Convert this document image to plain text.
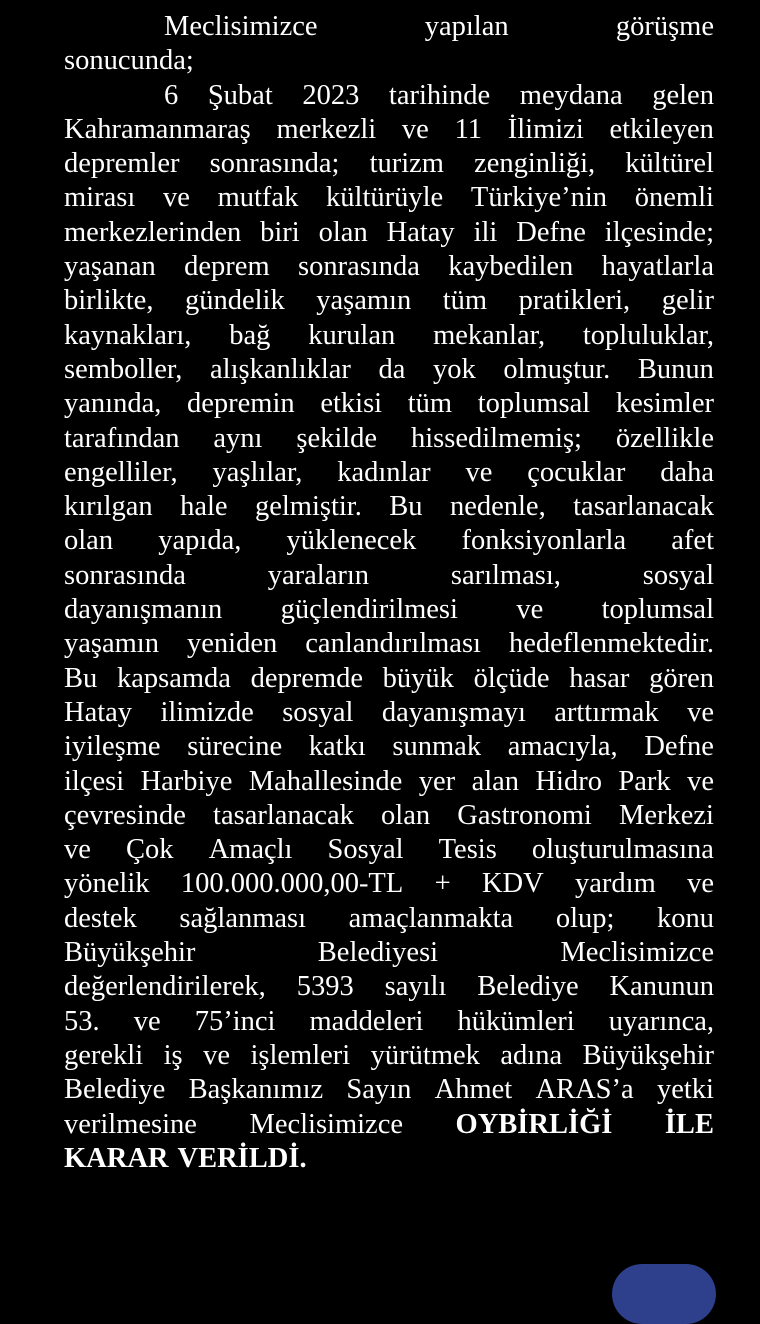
Meclisimizce	yapılan	görüşme
sonucunda;
6 Şubat 2023 tarihinde meydana gelen
Kahramanmaraş merkezli ve 11 İlimizi etkileyen
depremler sonrasında; turizm zenginliği, kültürel
mirası ve mutfak kültürüyle Türkiye’nin önemli
merkezlerinden biri olan Hatay ili Defne ilçesinde;
yaşanan deprem sonrasında kaybedilen hayatlarla
birlikte, gündelik yaşamın tüm pratikleri, gelir
kaynakları, bağ kurulan mekanlar, topluluklar,
semboller, alışkanlıklar da yok olmuştur. Bunun
yanında, depremin etkisi tüm toplumsal kesimler
tarafından aynı şekilde hissedilmemiş; özellikle
engelliler, yaşlılar, kadınlar ve çocuklar daha
kırılgan hale gelmiştir. Bu nedenle, tasarlanacak
olan yapıda, yüklenecek fonksiyonlarla afet
sonrasında	yaraların	sarılması,	sosyal
dayanışmanın güçlendirilmesi ve toplumsal
yaşamın yeniden canlandırılması hedeflenmektedir.
Bu kapsamda depremde büyük ölçüde hasar gören
Hatay ilimizde sosyal dayanışmayı arttırmak ve
iyileşme sürecine katkı sunmak amacıyla, Defne
ilçesi Harbiye Mahallesinde yer alan Hidro Park ve
çevresinde tasarlanacak olan Gastronomi Merkezi
ve Çok Amaçlı Sosyal Tesis oluşturulmasına
yönelik 100.000.000,00-TL + KDV yardım ve
destek sağlanması amaçlanmakta olup; konu
Büyükşehir	Belediyesi	Meclisimizce
değerlendirilerek, 5393 sayılı Belediye Kanunun
53. ve 75’inci maddeleri hükümleri uyarınca,
gerekli iş ve işlemleri yürütmek adına Büyükşehir
Belediye Başkanımız Sayın Ahmet ARAS’a yetki
verilmesine Meclisimizce OYBİRLİĞİ İLE
KARAR VERİLDİ.
